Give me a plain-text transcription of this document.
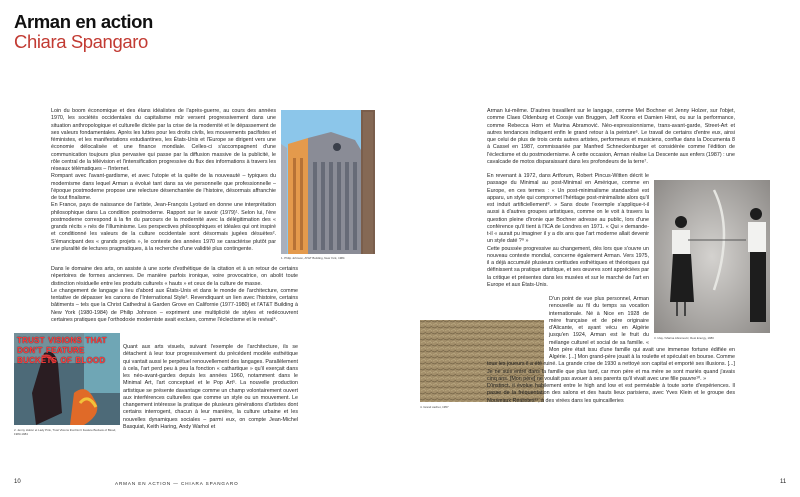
Arman en action
Chiara Spangaro
1. Philip Johnson, AT&T Building, New York, 1984
TRUST VISIONS THAT DON'T FEATURE BUCKETS OF BLOOD
2. Jenny Holzer et Lady Pink, Trust Visions that Don't Feature Buckets of Blood, 1983-1984

Loin du boom économique et des élans idéalistes de l'après-guerre, au cours des années 1970, les sociétés occidentales du capitalisme mûr versent progressivement dans une situation anthropologique et culturelle dictée par la crise de la modernité et le dépassement de ses valeurs fondamentales. Après les luttes pour les droits civils, les mouvements pacifistes et féministes, et les manifestations estudiantines, les États-Unis et l'Europe se dirigent vers une économie délocalisée et une finance mondiale. Celles-ci s'accompagnent d'une communication toujours plus pervasive qui passe par la diffusion massive de la publicité, le rôle central de la télévision et l'intensification progressive du flux des informations à travers les réseaux télématiques – l'Internet.

Rompant avec l'avant-gardisme, et avec l'utopie et la quête de la nouveauté – typiques du modernisme dans lequel Arman a évolué tant dans sa vie personnelle que professionnelle – l'époque postmoderne propose une relecture désenchantée de l'histoire, désormais affranchie de tout finalisme.

En France, pays de naissance de l'artiste, Jean-François Lyotard en donne une interprétation philosophique dans La condition postmoderne. Rapport sur le savoir (1979)¹. Selon lui, l'ère postmoderne correspond à la fin du parcours de la modernité avec la délégitimation des « grands récits » nés de l'Illuminisme. Les perspectives philosophiques et idéales qui ont inspiré et conditionné les valeurs de la culture occidentale sont désormais jugées désuètes². S'émancipant des « grands projets », le contexte des années 1970 se caractérise plutôt par une pluralité de lectures pragmatiques, à la recherche d'une validité plus contingente.

Dans le domaine des arts, on assiste à une sorte d'esthétique de la citation et à un retour de certains répertoires de formes anciennes. De manière parfois ironique, voire provocatrice, on abolit toute distinction résiduelle entre les produits culturels « hauts » et ceux de la culture de masse.

Le changement de langage a lieu d'abord aux États-Unis et dans le monde de l'architecture, comme tentative de dépasser les canons de l'International Style³. Revendiquant un lien avec l'histoire, certains bâtiments – tels que la Christ Cathedral à Garden Grove en Californie (1977-1980) et l'AT&T Building à New York (1980-1984) de Philip Johnson – expriment une multiplicité de styles et redécouvrent certaines pratiques que l'orthodoxie moderniste avait exclues, comme l'éclectisme et le revival⁴.

Quant aux arts visuels, suivant l'exemple de l'architecture, ils se détachent à leur tour progressivement du précédent modèle esthétique qui vantait aussi le perpétuel renouvellement des langages. Parallèlement à cela, l'art perd peu à peu la fonction « cathartique » qu'il exerçait dans les néo-avant-gardes depuis les années 1960, notamment dans le Minimal Art, l'art conceptuel et le Pop Art⁵. La nouvelle production artistique se présente davantage comme un champ volontairement ouvert aux interférences culturelles que comme un style ou un mouvement. Le changement intéresse la pratique de plusieurs générations d'artistes dont certains interrogent, chacun à leur manière, la culture urbaine et les nouvelles dynamiques sociales – parmi eux, on compte Jean-Michel Basquiat, Keith Haring, Andy Warhol et

3. Ulay / Marina Abramović, Rest Energy, 1980
4. Grand cachet, 1957

Arman lui-même. D'autres travaillent sur le langage, comme Mel Bochner et Jenny Holzer, sur l'objet, comme Claes Oldenburg et Coosje van Bruggen, Jeff Koons et Damien Hirst, ou sur la performance, comme Rebecca Horn et Marina Abramović. Néo-expressionnisme, trans-avant-garde, Street-Art et autres tendances indiquent enfin le grand retour à la peinture⁶. Le travail de certains d'entre eux, ainsi que celui de plus de trois cents autres artistes, performeurs et musiciens, conflue dans la Documenta 8 à Cassel en 1987, commissariée par Manfred Schneckenburger et considérée comme l'édition de l'éclectisme et du postmodernisme. À cette occasion, Arman réalise La Descente aux enfers (1987) : une cavalcade de motos disparaissant dans les profondeurs de la terre⁷.

En revenant à 1972, dans Artforum, Robert Pincus-Witten décrit le passage du Minimal au post-Minimal en Amérique, comme en Europe, en ces termes : « Un post-minimalisme standardisé est apparu, un style qui compromet l'héritage post-minimaliste alors qu'il est induit artificiellement⁸. » Sans doute l'exemple s'applique-t-il aussi à d'autres groupes artistiques, comme on le voit à travers la question pleine d'ironie que Bochner adresse au public, lors d'une conférence qu'il tient à l'ICA de Londres en 1971. « Qui » demande-t-il « aurait pu imaginer il y a dix ans que l'art moderne allait devenir un style daté ?⁹ »

Cette poussée progressive au changement, dès lors que s'ouvre un nouveau contexte mondial, concerne également Arman. Vers 1975, il a déjà accumulé plusieurs certitudes esthétiques et théoriques qui définissent sa pratique artistique, et ses œuvres sont appréciées par la critique et présentes dans les musées et sur le marché de l'art en Europe et aux États-Unis.

D'un point de vue plus personnel, Arman renouvelle au fil du temps sa vocation internationale. Né à Nice en 1928 de mère française et de père originaire d'Alicante, et ayant vécu en Algérie jusqu'en 1924, Arman est le fruit du mélange culturel et social de sa famille. « Mon père était issu d'une famille qui avait une immense fortune édifiée en Algérie. [...] Mon grand-père jouait à la roulette et spéculait en bourse. Comme tous les joueurs il a été ruiné. La grande crise de 1930 a nettoyé son capital et emporté ses illusions. [...] Je ne suis entré dans la famille que plus tard, car mon père et ma mère se sont mariés quand j'avais cinq ans. [Mon père] ne voulait pas avouer à ses parents qu'il vivait avec une fille pauvre¹⁰. »

D'instinct, il évolue habilement entre le high and low et est perméable à toute sorte d'expériences. Il passe de la fréquentation des salons et des hauts lieux parisiens, avec Yves Klein et le groupe des Nouveaux Réalistes¹¹, à des virées dans les quincailleries

10	ARMAN EN ACTION — CHIARA SPANGARO	11
